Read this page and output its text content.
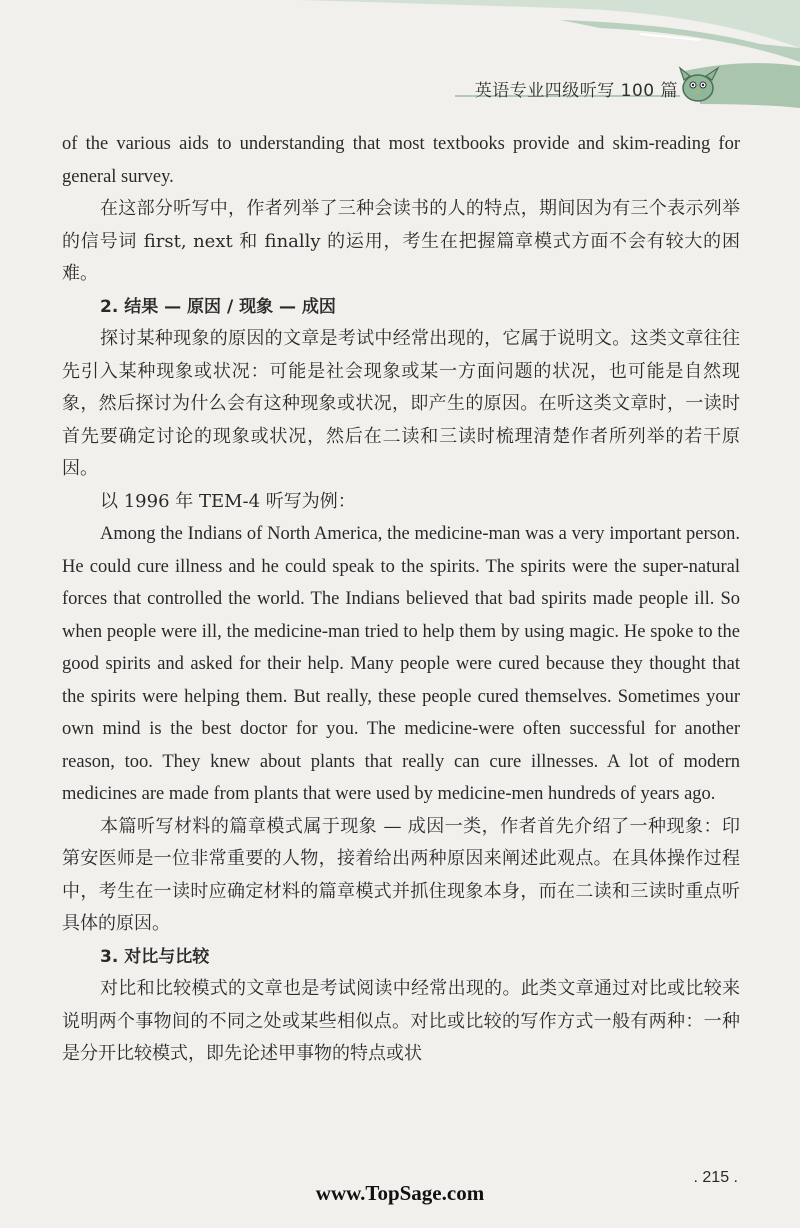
英语专业四级听写 100 篇

of the various aids to understanding that most textbooks provide and skim-reading for general survey.

在这部分听写中，作者列举了三种会读书的人的特点，期间因为有三个表示列举的信号词 first, next 和 finally 的运用，考生在把握篇章模式方面不会有较大的困难。

2. 结果 — 原因 / 现象 — 成因

探讨某种现象的原因的文章是考试中经常出现的，它属于说明文。这类文章往往先引入某种现象或状况：可能是社会现象或某一方面问题的状况，也可能是自然现象，然后探讨为什么会有这种现象或状况，即产生的原因。在听这类文章时，一读时首先要确定讨论的现象或状况，然后在二读和三读时梳理清楚作者所列举的若干原因。

以 1996 年 TEM-4 听写为例：

Among the Indians of North America, the medicine-man was a very important person. He could cure illness and he could speak to the spirits. The spirits were the super-natural forces that controlled the world. The Indians believed that bad spirits made people ill. So when people were ill, the medicine-man tried to help them by using magic. He spoke to the good spirits and asked for their help. Many people were cured because they thought that the spirits were helping them. But really, these people cured themselves. Sometimes your own mind is the best doctor for you. The medicine-were often successful for another reason, too. They knew about plants that really can cure illnesses. A lot of modern medicines are made from plants that were used by medicine-men hundreds of years ago.

本篇听写材料的篇章模式属于现象 — 成因一类，作者首先介绍了一种现象：印第安医师是一位非常重要的人物，接着给出两种原因来阐述此观点。在具体操作过程中，考生在一读时应确定材料的篇章模式并抓住现象本身，而在二读和三读时重点听具体的原因。

3. 对比与比较

对比和比较模式的文章也是考试阅读中经常出现的。此类文章通过对比或比较来说明两个事物间的不同之处或某些相似点。对比或比较的写作方式一般有两种：一种是分开比较模式，即先论述甲事物的特点或状

. 215 .
www.TopSage.com
